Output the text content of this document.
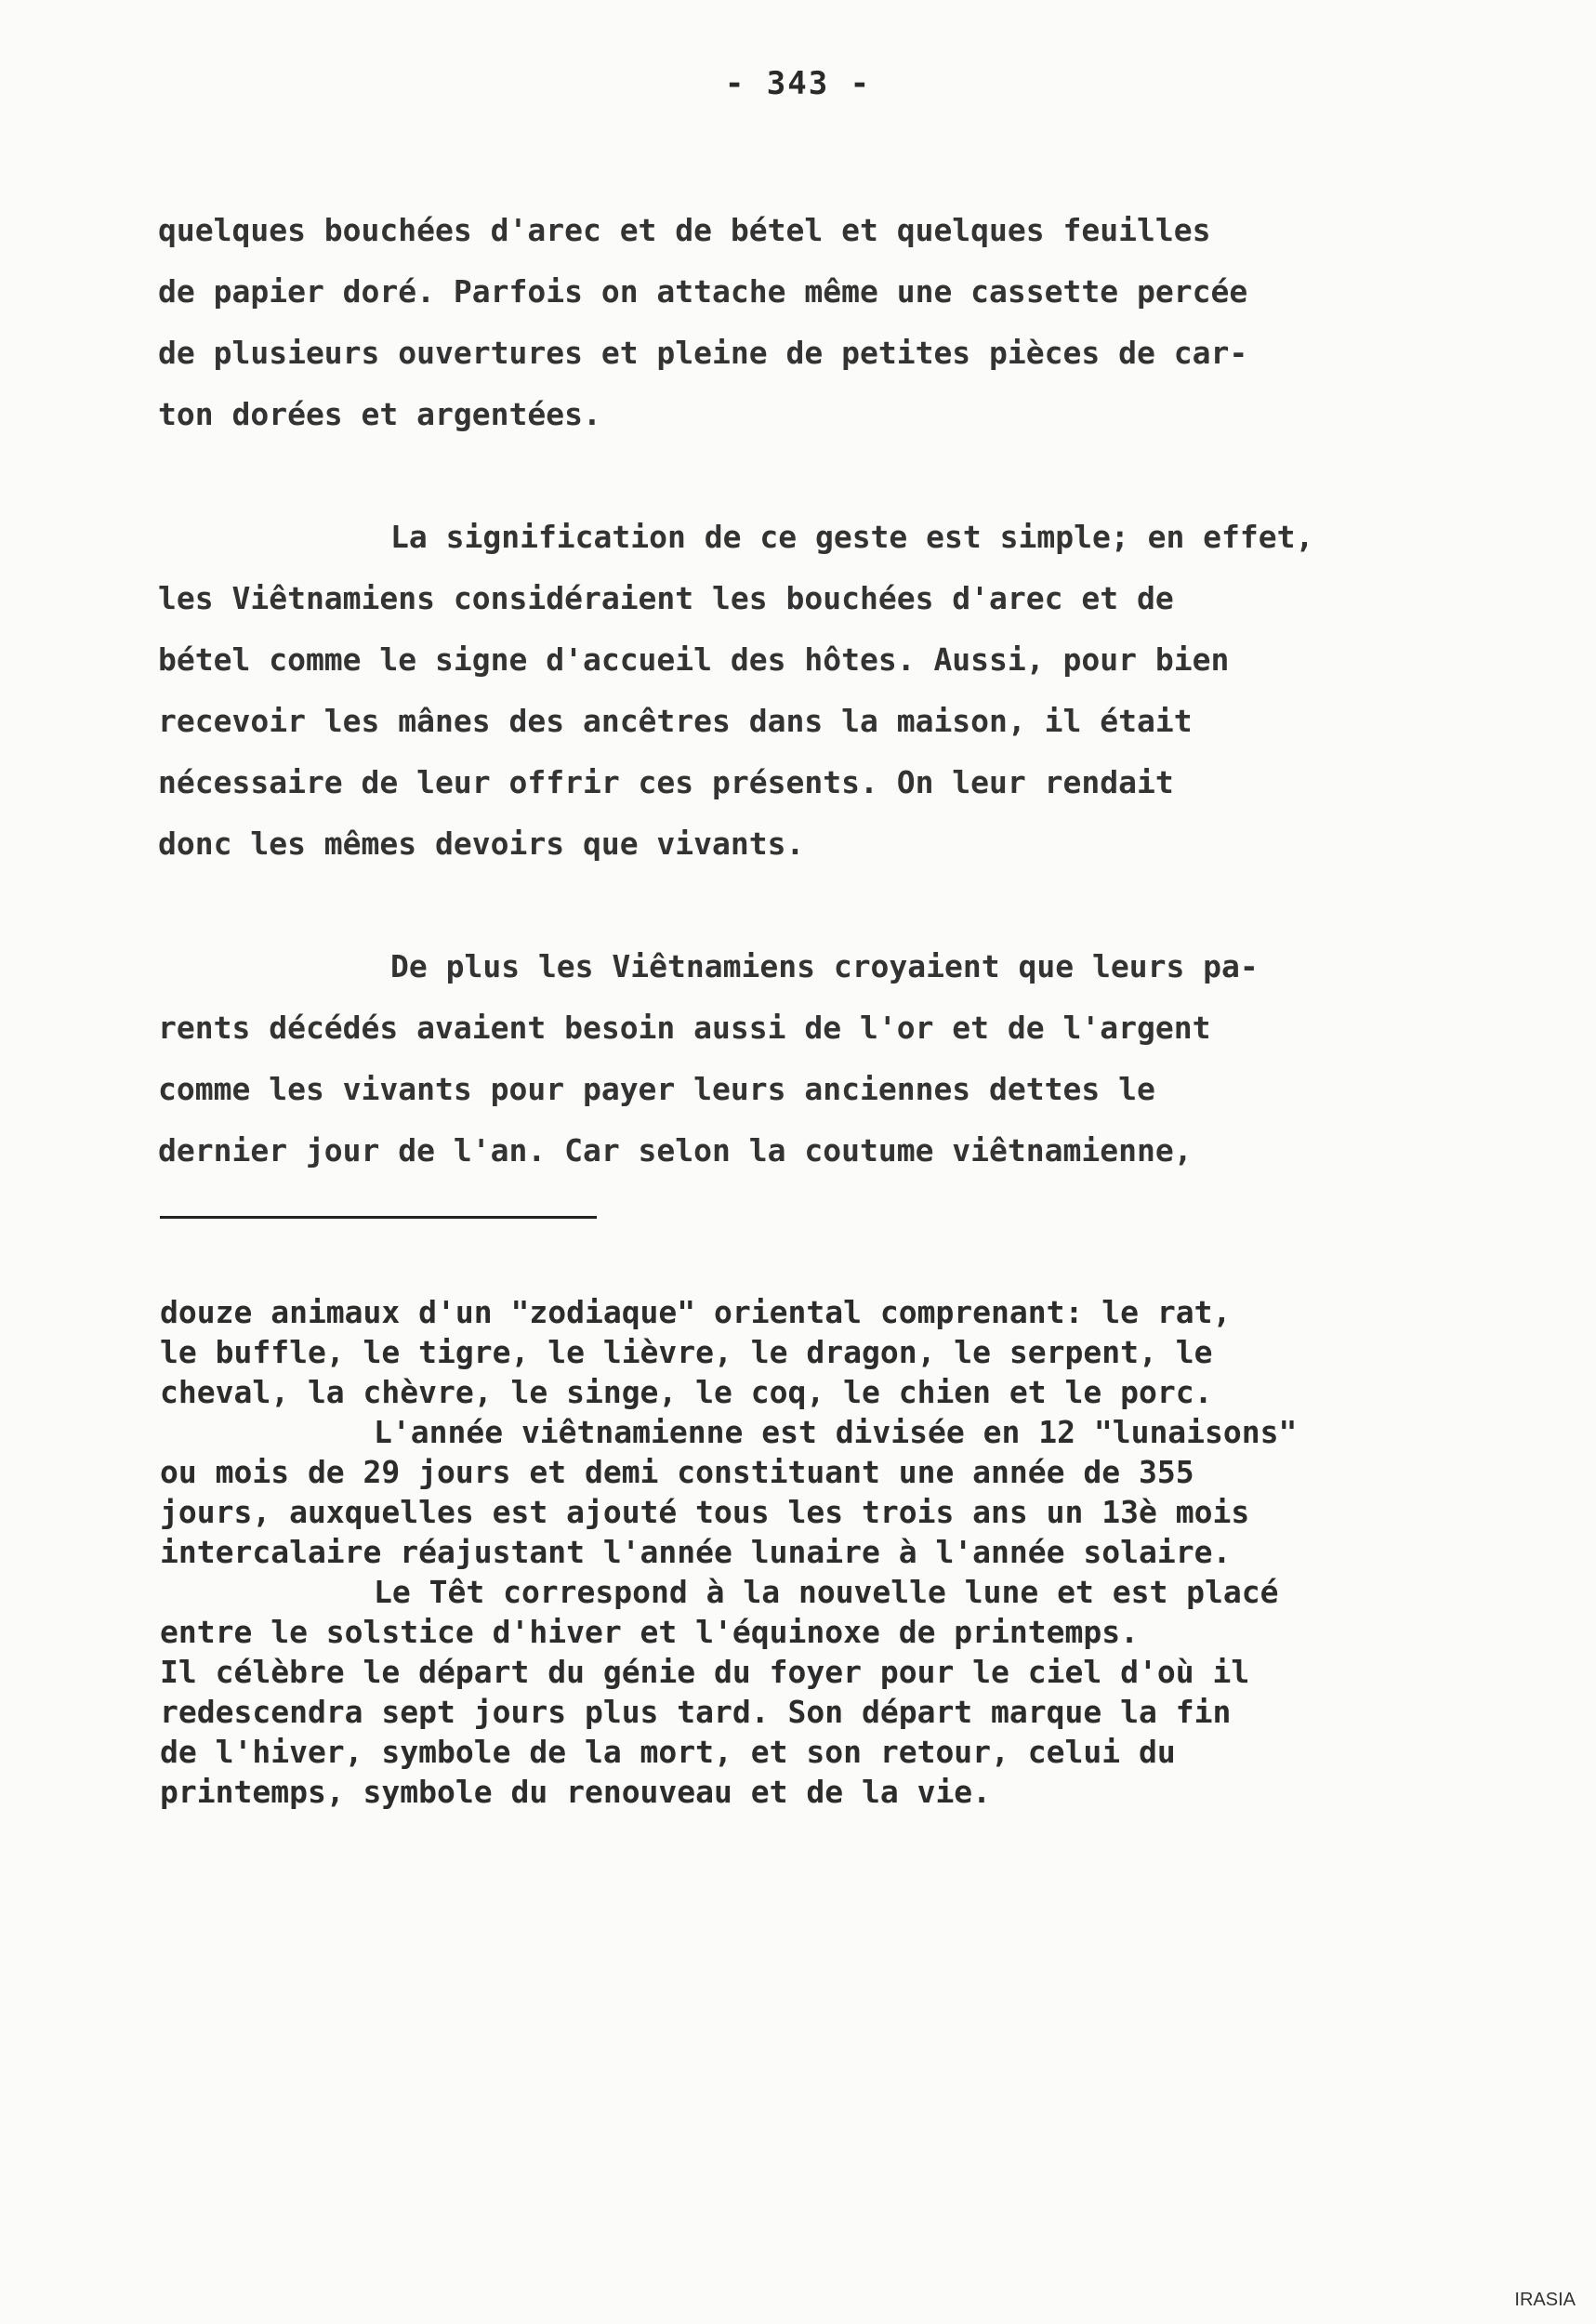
- 343 -
quelques bouchées d'arec et de bétel et quelques feuilles
de papier doré. Parfois on attache même une cassette percée
de plusieurs ouvertures et pleine de petites pièces de car-
ton dorées et argentées.
La signification de ce geste est simple; en effet,
les Viêtnamiens considéraient les bouchées d'arec et de
bétel comme le signe d'accueil des hôtes. Aussi, pour bien
recevoir les mânes des ancêtres dans la maison, il était
nécessaire de leur offrir ces présents. On leur rendait
donc les mêmes devoirs que vivants.
De plus les Viêtnamiens croyaient que leurs pa-
rents décédés avaient besoin aussi de l'or et de l'argent
comme les vivants pour payer leurs anciennes dettes le
dernier jour de l'an. Car selon la coutume viêtnamienne,
douze animaux d'un "zodiaque" oriental comprenant: le rat,
le buffle, le tigre, le lièvre, le dragon, le serpent, le
cheval, la chèvre, le singe, le coq, le chien et le porc.
L'année viêtnamienne est divisée en 12 "lunaisons"
ou mois de 29 jours et demi constituant une année de 355
jours, auxquelles est ajouté tous les trois ans un 13è mois
intercalaire réajustant l'année lunaire à l'année solaire.
Le Têt correspond à la nouvelle lune et est placé
entre le solstice d'hiver et l'équinoxe de printemps.
Il célèbre le départ du génie du foyer pour le ciel d'où il
redescendra sept jours plus tard. Son départ marque la fin
de l'hiver, symbole de la mort, et son retour, celui du
printemps, symbole du renouveau et de la vie.
IRASIA
